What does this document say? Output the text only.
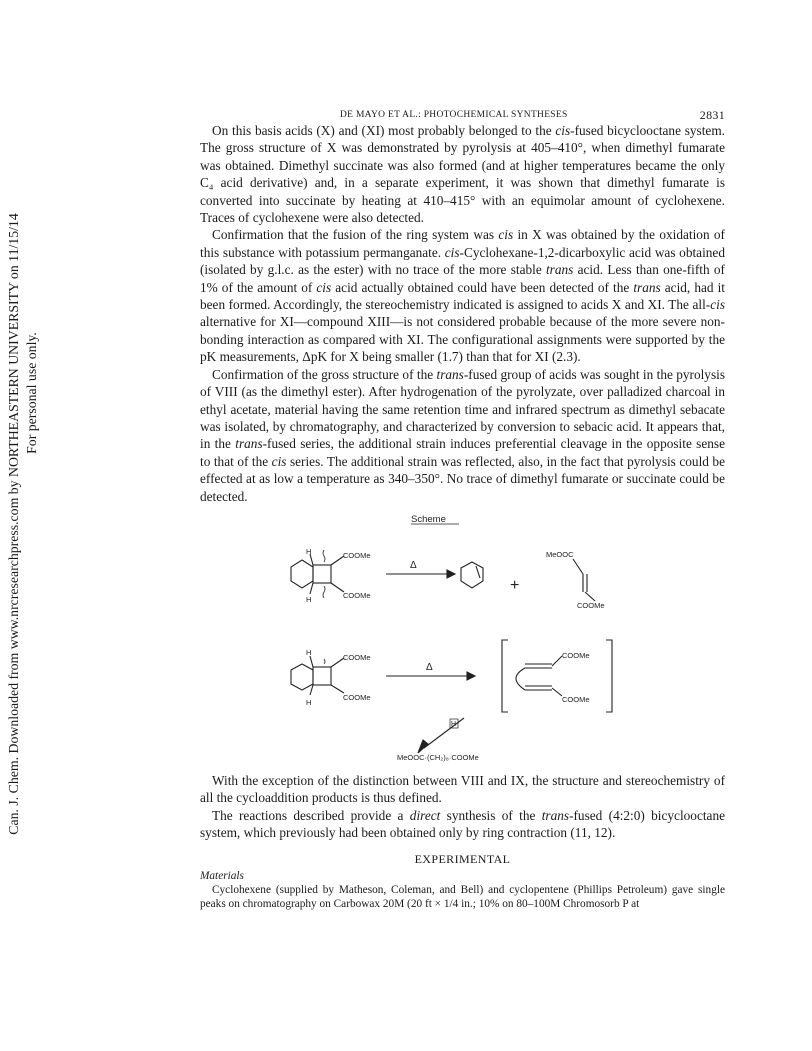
DE MAYO ET AL.: PHOTOCHEMICAL SYNTHESES	2831
Can. J. Chem. Downloaded from www.nrcresearchpress.com by NORTHEASTERN UNIVERSITY on 11/15/14 For personal use only.

On this basis acids (X) and (XI) most probably belonged to the cis-fused bicyclooctane system. The gross structure of X was demonstrated by pyrolysis at 405–410°, when dimethyl fumarate was obtained. Dimethyl succinate was also formed (and at higher temperatures became the only C₄ acid derivative) and, in a separate experiment, it was shown that dimethyl fumarate is converted into succinate by heating at 410–415° with an equimolar amount of cyclohexene. Traces of cyclohexene were also detected.

Confirmation that the fusion of the ring system was cis in X was obtained by the oxidation of this substance with potassium permanganate. cis-Cyclohexane-1,2-dicarboxylic acid was obtained (isolated by g.l.c. as the ester) with no trace of the more stable trans acid. Less than one-fifth of 1% of the amount of cis acid actually obtained could have been detected of the trans acid, had it been formed. Accordingly, the stereochemistry indicated is assigned to acids X and XI. The all-cis alternative for XI—compound XIII—is not considered probable because of the more severe non-bonding interaction as compared with XI. The configurational assignments were supported by the pK measurements, ΔpK for X being smaller (1.7) than that for XI (2.3).

Confirmation of the gross structure of the trans-fused group of acids was sought in the pyrolysis of VIII (as the dimethyl ester). After hydrogenation of the pyrolyzate, over palladized charcoal in ethyl acetate, material having the same retention time and infrared spectrum as dimethyl sebacate was isolated, by chromatography, and characterized by conversion to sebacic acid. It appears that, in the trans-fused series, the additional strain induces preferential cleavage in the opposite sense to that of the cis series. The additional strain was reflected, also, in the fact that pyrolysis could be effected at as low a temperature as 340–350°. No trace of dimethyl fumarate or succinate could be detected.

Scheme
COOMe
COOMe
H
H
Δ
+
MeOOC
COOMe
COOMe
COOMe
H
H
Δ
COOMe
COOMe
H
MeOOC·(CH₂)₈·COOMe

With the exception of the distinction between VIII and IX, the structure and stereochemistry of all the cycloaddition products is thus defined.

The reactions described provide a direct synthesis of the trans-fused (4:2:0) bicyclooctane system, which previously had been obtained only by ring contraction (11, 12).

EXPERIMENTAL
Materials

Cyclohexene (supplied by Matheson, Coleman, and Bell) and cyclopentene (Phillips Petroleum) gave single peaks on chromatography on Carbowax 20M (20 ft × 1/4 in.; 10% on 80–100M Chromosorb P at
